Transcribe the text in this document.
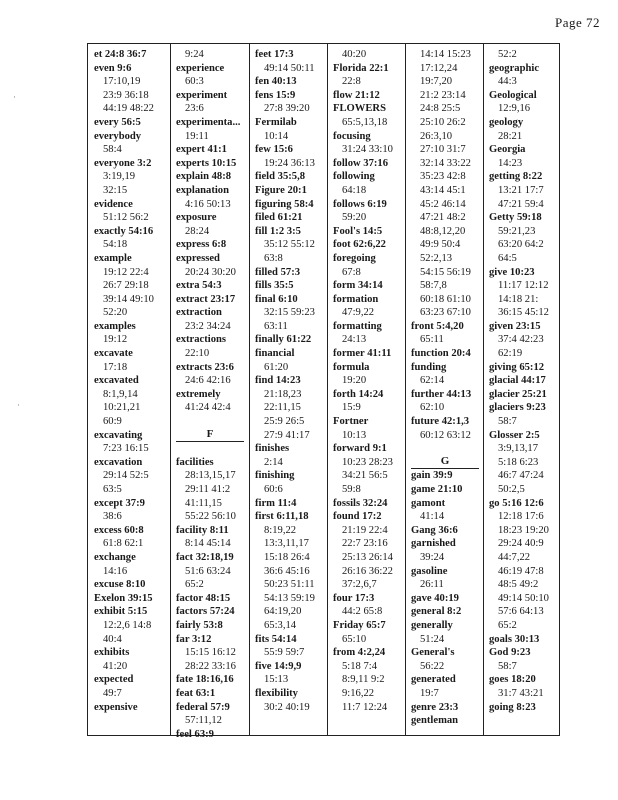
Page 72
·
·
et 24:8 36:7
even 9:6
17:10,19
23:9 36:18
44:19 48:22
every 56:5
everybody
58:4
everyone 3:2
3:19,19
32:15
evidence
51:12 56:2
exactly 54:16
54:18
example
19:12 22:4
26:7 29:18
39:14 49:10
52:20
examples
19:12
excavate
17:18
excavated
8:1,9,14
10:21,21
60:9
excavating
7:23 16:15
excavation
29:14 52:5
63:5
except 37:9
38:6
excess 60:8
61:8 62:1
exchange
14:16
excuse 8:10
Exelon 39:15
exhibit 5:15
12:2,6 14:8
40:4
exhibits
41:20
expected
49:7
expensive
9:24
experience
60:3
experiment
23:6
experimenta...
19:11
expert 41:1
experts 10:15
explain 48:8
explanation
4:16 50:13
exposure
28:24
express 6:8
expressed
20:24 30:20
extra 54:3
extract 23:17
extraction
23:2 34:24
extractions
22:10
extracts 23:6
24:6 42:16
extremely
41:24 42:4

facilities
28:13,15,17
29:11 41:2
41:11,15
55:22 56:10
facility 8:11
8:14 45:14
fact 32:18,19
51:6 63:24
65:2
factor 48:15
factors 57:24
fairly 53:8
far 3:12
15:15 16:12
28:22 33:16
fate 18:16,16
feat 63:1
federal 57:9
57:11,12
feel 63:9
feet 17:3
49:14 50:11
fen 40:13
fens 15:9
27:8 39:20
Fermilab
10:14
few 15:6
19:24 36:13
field 35:5,8
Figure 20:1
figuring 58:4
filed 61:21
fill 1:2 3:5
35:12 55:12
63:8
filled 57:3
fills 35:5
final 6:10
32:15 59:23
63:11
finally 61:22
financial
61:20
find 14:23
21:18,23
22:11,15
25:9 26:5
27:9 41:17
finishes
2:14
finishing
60:6
firm 11:4
first 6:11,18
8:19,22
13:3,11,17
15:18 26:4
36:6 45:16
50:23 51:11
54:13 59:19
64:19,20
65:3,14
fits 54:14
55:9 59:7
five 14:9,9
15:13
flexibility
30:2 40:19
40:20
Florida 22:1
22:8
flow 21:12
FLOWERS
65:5,13,18
focusing
31:24 33:10
follow 37:16
following
64:18
follows 6:19
59:20
Fool's 14:5
foot 62:6,22
foregoing
67:8
form 34:14
formation
47:9,22
formatting
24:13
former 41:11
formula
19:20
forth 14:24
15:9
Fortner
10:13
forward 9:1
10:23 28:23
34:21 56:5
59:8
fossils 32:24
found 17:2
21:19 22:4
22:7 23:16
25:13 26:14
26:16 36:22
37:2,6,7
four 17:3
44:2 65:8
Friday 65:7
65:10
from 4:2,24
5:18 7:4
8:9,11 9:2
9:16,22
11:7 12:24
14:14 15:23
17:12,24
19:7,20
21:2 23:14
24:8 25:5
25:10 26:2
26:3,10
27:10 31:7
32:14 33:22
35:23 42:8
43:14 45:1
45:2 46:14
47:21 48:2
48:8,12,20
49:9 50:4
52:2,13
54:15 56:19
58:7,8
60:18 61:10
63:23 67:10
front 5:4,20
65:11
function 20:4
funding
62:14
further 44:13
62:10
future 42:1,3
60:12 63:12

gain 39:9
game 21:10
gamont
41:14
Gang 36:6
garnished
39:24
gasoline
26:11
gave 40:19
general 8:2
generally
51:24
General's
56:22
generated
19:7
genre 23:3
gentleman
52:2
geographic
44:3
Geological
12:9,16
geology
28:21
Georgia
14:23
getting 8:22
13:21 17:7
47:21 59:4
Getty 59:18
59:21,23
63:20 64:2
64:5
give 10:23
11:17 12:12
14:18 21:
36:15 45:12
given 23:15
37:4 42:23
62:19
giving 65:12
glacial 44:17
glacier 25:21
glaciers 9:23
58:7
Glosser 2:5
3:9,13,17
5:18 6:23
46:7 47:24
50:2,5
go 5:16 12:6
12:18 17:6
18:23 19:20
29:24 40:9
44:7,22
46:19 47:8
48:5 49:2
49:14 50:10
57:6 64:13
65:2
goals 30:13
God 9:23
58:7
goes 18:20
31:7 43:21
going 8:23
F
G
